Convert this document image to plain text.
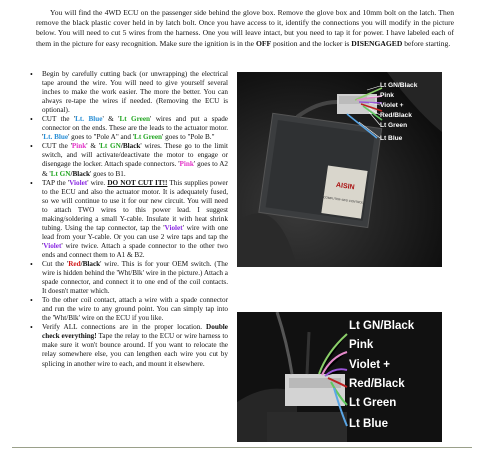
You will find the 4WD ECU on the passenger side behind the glove box. Remove the glove box and 10mm bolt on the latch. Then remove the black plastic cover held in by latch bolt. Once you have access to it, identify the connections you will modify in the picture below. You will need to cut 5 wires from the harness. One you will leave intact, but you need to tap it for power. I have labeled each of them in the picture for easy recognition. Make sure the ignition is in the OFF position and the locker is DISENGAGED before starting.
• Begin by carefully cutting back (or unwrapping) the electrical tape around the wire. You will need to give yourself several inches to make the work easier. The more the better. You can always re-tape the wires if needed. (Removing the ECU is optional).
• CUT the 'Lt. Blue' & 'Lt Green' wires and put a spade connector on the ends. These are the leads to the actuator motor. 'Lt. Blue' goes to "Pole A" and 'Lt Green' goes to "Pole B."
• CUT the 'Pink' & 'Lt GN/Black' wires. These go to the limit switch, and will activate/deactivate the motor to engage or disengage the locker. Attach spade connectors. 'Pink' goes to A2 & 'Lt GN/Black' goes to B1.
• TAP the 'Violet' wire. DO NOT CUT IT!! This supplies power to the ECU and also the actuator motor. It is adequately fused, so we will continue to use it for our new circuit. You will need to attach TWO wires to this power lead. I suggest making/soldering a small Y-cable. Insulate it with heat shrink tubing. Using the tap connector, tap the 'Violet' wire with one lead from your Y-cable. Or you can use 2 wire taps and tap the 'Violet' wire twice. Attach a spade connector to the other two ends and connect them to A1 & B2.
• Cut the 'Red/Black' wire. This is for your OEM switch. (The wire is hidden behind the 'Wht/Blk' wire in the picture.) Attach a spade connector, and connect it to one end of the coil contacts. It doesn't matter which.
• To the other coil contact, attach a wire with a spade connector and run the wire to any ground point. You can simply tap into the 'Wht/Blk' wire on the ECU if you like.
• Verify ALL connections are in the proper location. Double check everything! Tape the relay to the ECU or wire harness to make sure it won't bounce around. If you want to relocate the relay somewhere else, you can lengthen each wire you cut by splicing in another wire to each, and mount it elsewhere.
AISIN
COMPUTER-4WD CONTROL
Lt GN/Black
Pink
Violet +
Red/Black
Lt Green
Lt Blue
Lt GN/Black
Pink
Violet +
Red/Black
Lt Green
Lt Blue
